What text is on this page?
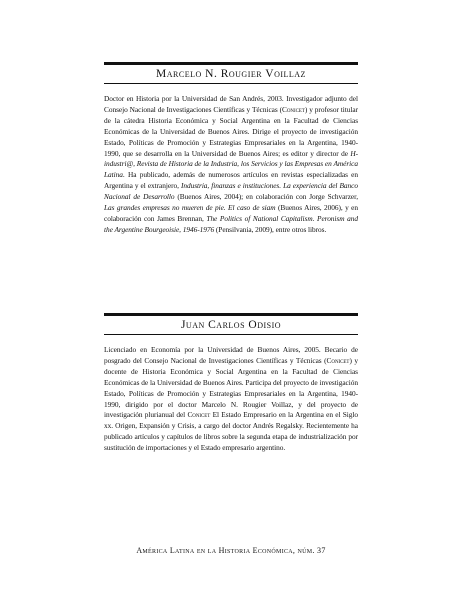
Marcelo N. Rougier Voillaz
Doctor en Historia por la Universidad de San Andrés, 2003. Investigador adjunto del Consejo Nacional de Investigaciones Científicas y Técnicas (Conicet) y profesor titular de la cátedra Historia Económica y Social Argentina en la Facultad de Ciencias Económicas de la Universidad de Buenos Aires. Dirige el proyecto de investigación Estado, Políticas de Promoción y Estrategias Empresariales en la Argentina, 1940-1990, que se desarrolla en la Universidad de Buenos Aires; es editor y director de H-industri@, Revista de Historia de la Industria, los Servicios y las Empresas en América Latina. Ha publicado, además de numerosos artículos en revistas especializadas en Argentina y el extranjero, Industria, finanzas e instituciones. La experiencia del Banco Nacional de Desarrollo (Buenos Aires, 2004); en colaboración con Jorge Schvarzer, Las grandes empresas no mueren de pie. El caso de siam (Buenos Aires, 2006), y en colaboración con James Brennan, The Politics of National Capitalism. Peronism and the Argentine Bourgeoisie, 1946-1976 (Pensilvania, 2009), entre otros libros.
Juan Carlos Odisio
Licenciado en Economía por la Universidad de Buenos Aires, 2005. Becario de posgrado del Consejo Nacional de Investigaciones Científicas y Técnicas (Conicet) y docente de Historia Económica y Social Argentina en la Facultad de Ciencias Económicas de la Universidad de Buenos Aires. Participa del proyecto de investigación Estado, Políticas de Promoción y Estrategias Empresariales en la Argentina, 1940-1990, dirigido por el doctor Marcelo N. Rougier Voillaz, y del proyecto de investigación plurianual del Conicet El Estado Empresario en la Argentina en el Siglo xx. Origen, Expansión y Crisis, a cargo del doctor Andrés Regalsky. Recientemente ha publicado artículos y capítulos de libros sobre la segunda etapa de industrialización por sustitución de importaciones y el Estado empresario argentino.
América Latina en la Historia Económica, núm. 37
